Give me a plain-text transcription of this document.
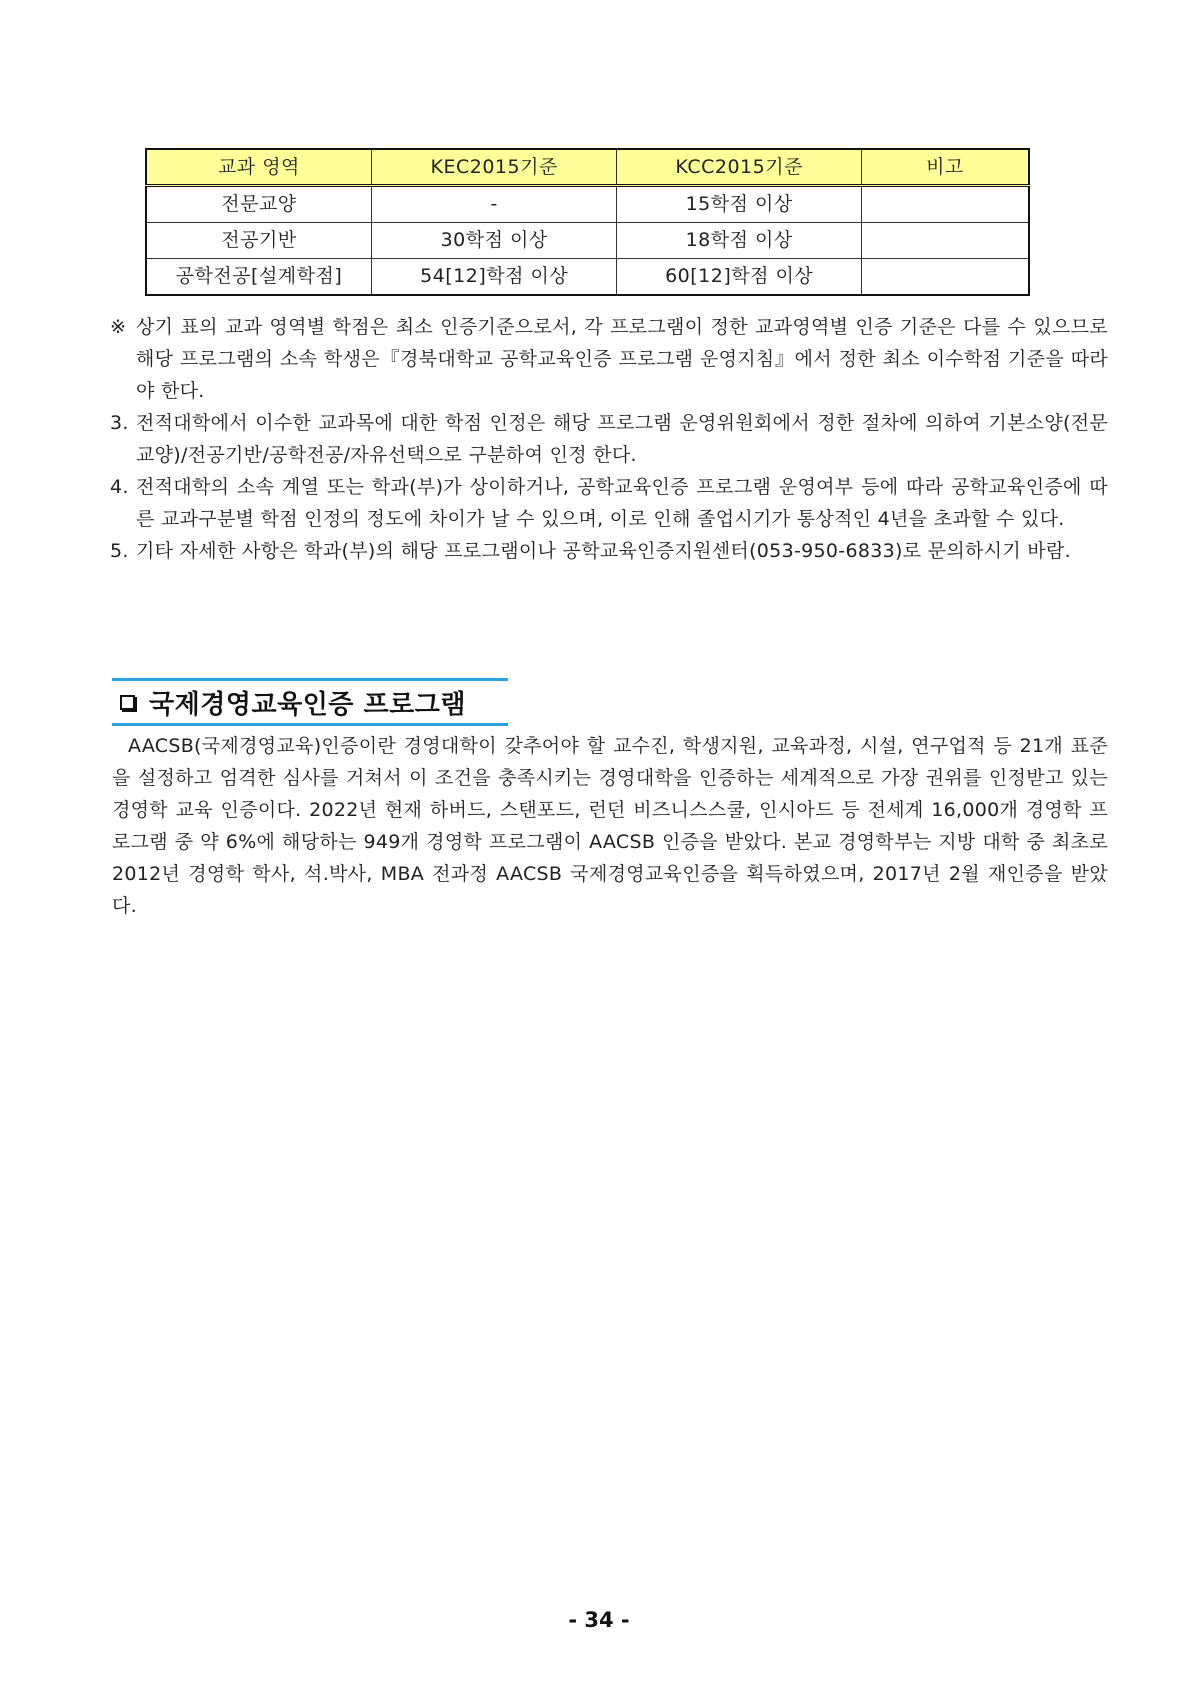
교과 영역	KEC2015기준	KCC2015기준	비고
전문교양	-	15학점 이상	
전공기반	30학점 이상	18학점 이상	
공학전공[설계학점]	54[12]학점 이상	60[12]학점 이상	
※ 상기 표의 교과 영역별 학점은 최소 인증기준으로서, 각 프로그램이 정한 교과영역별 인증 기준은 다를 수 있으므로 해당 프로그램의 소속 학생은『경북대학교 공학교육인증 프로그램 운영지침』에서 정한 최소 이수학점 기준을 따라야 한다.
3. 전적대학에서 이수한 교과목에 대한 학점 인정은 해당 프로그램 운영위원회에서 정한 절차에 의하여 기본소양(전문교양)/전공기반/공학전공/자유선택으로 구분하여 인정 한다.
4. 전적대학의 소속 계열 또는 학과(부)가 상이하거나, 공학교육인증 프로그램 운영여부 등에 따라 공학교육인증에 따른 교과구분별 학점 인정의 정도에 차이가 날 수 있으며, 이로 인해 졸업시기가 통상적인 4년을 초과할 수 있다.
5. 기타 자세한 사항은 학과(부)의 해당 프로그램이나 공학교육인증지원센터(053-950-6833)로 문의하시기 바람.
국제경영교육인증 프로그램

AACSB(국제경영교육)인증이란 경영대학이 갖추어야 할 교수진, 학생지원, 교육과정, 시설, 연구업적 등 21개 표준을 설정하고 엄격한 심사를 거쳐서 이 조건을 충족시키는 경영대학을 인증하는 세계적으로 가장 권위를 인정받고 있는 경영학 교육 인증이다. 2022년 현재 하버드, 스탠포드, 런던 비즈니스스쿨, 인시아드 등 전세계 16,000개 경영학 프로그램 중 약 6%에 해당하는 949개 경영학 프로그램이 AACSB 인증을 받았다. 본교 경영학부는 지방 대학 중 최초로 2012년 경영학 학사, 석.박사, MBA 전과정 AACSB 국제경영교육인증을 획득하였으며, 2017년 2월 재인증을 받았다.

- 34 -
